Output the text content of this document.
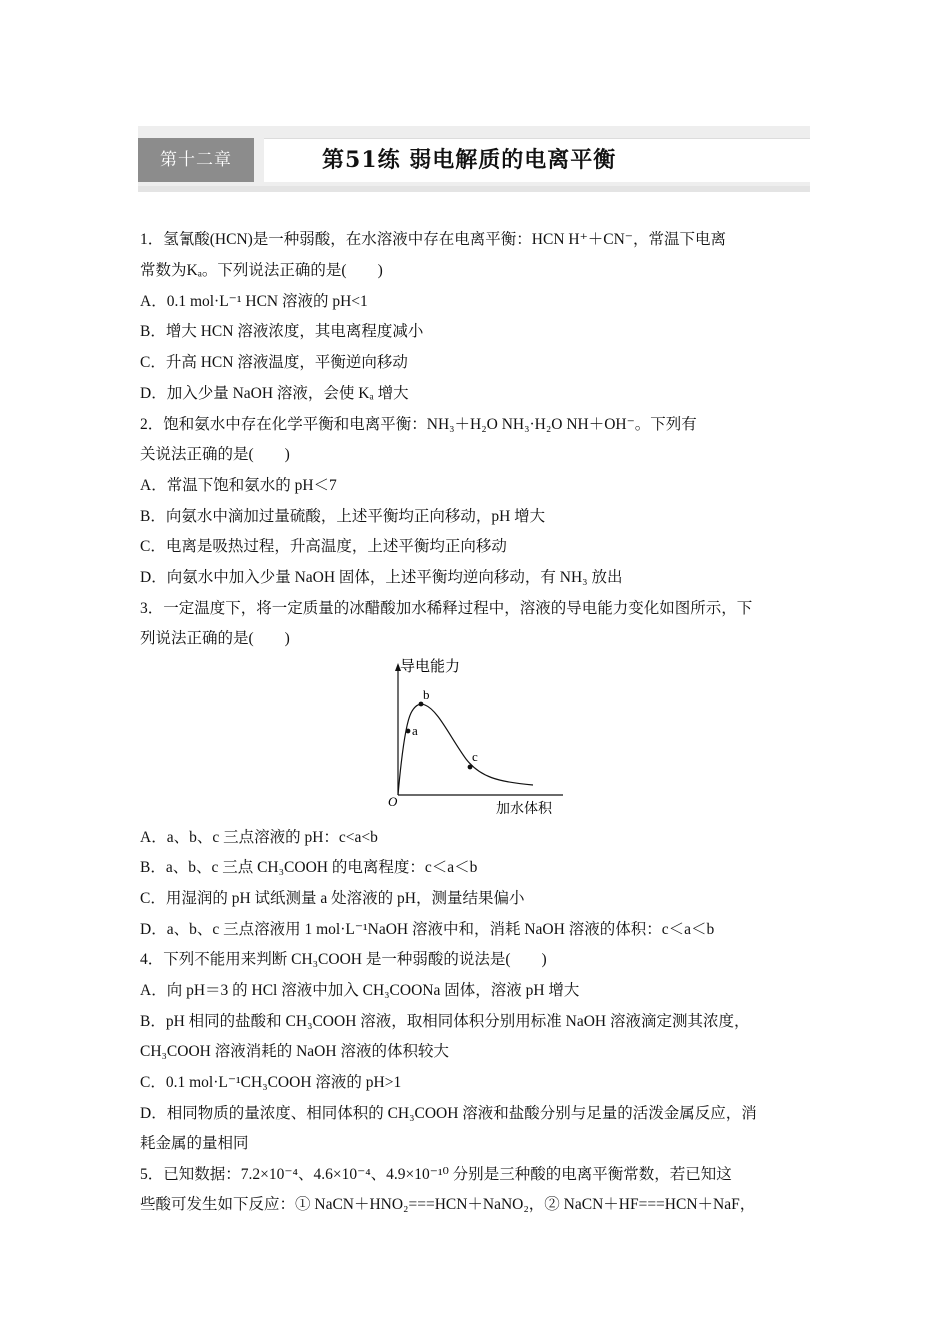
第十二章	第51练 弱电解质的电离平衡
1．氢氰酸(HCN)是一种弱酸，在水溶液中存在电离平衡：HCN H⁺＋CN⁻，常温下电离
常数为Kₐ。下列说法正确的是(　　)
A．0.1 mol·L⁻¹ HCN 溶液的 pH<1
B．增大 HCN 溶液浓度，其电离程度减小
C．升高 HCN 溶液温度，平衡逆向移动
D．加入少量 NaOH 溶液，会使 Kₐ 增大
2．饱和氨水中存在化学平衡和电离平衡：NH₃＋H₂O NH₃·H₂O NH＋OH⁻。下列有
关说法正确的是(　　)
A．常温下饱和氨水的 pH＜7
B．向氨水中滴加过量硫酸，上述平衡均正向移动，pH 增大
C．电离是吸热过程，升高温度，上述平衡均正向移动
D．向氨水中加入少量 NaOH 固体，上述平衡均逆向移动，有 NH₃ 放出
3．一定温度下，将一定质量的冰醋酸加水稀释过程中，溶液的导电能力变化如图所示，下
列说法正确的是(　　)
导电能力
a
b
c
O	加水体积
A．a、b、c 三点溶液的 pH：c<a<b
B．a、b、c 三点 CH₃COOH 的电离程度：c＜a＜b
C．用湿润的 pH 试纸测量 a 处溶液的 pH，测量结果偏小
D．a、b、c 三点溶液用 1 mol·L⁻¹NaOH 溶液中和，消耗 NaOH 溶液的体积：c＜a＜b
4．下列不能用来判断 CH₃COOH 是一种弱酸的说法是(　　)
A．向 pH＝3 的 HCl 溶液中加入 CH₃COONa 固体，溶液 pH 增大
B．pH 相同的盐酸和 CH₃COOH 溶液，取相同体积分别用标准 NaOH 溶液滴定测其浓度，
CH₃COOH 溶液消耗的 NaOH 溶液的体积较大
C．0.1 mol·L⁻¹CH₃COOH 溶液的 pH>1
D．相同物质的量浓度、相同体积的 CH₃COOH 溶液和盐酸分别与足量的活泼金属反应，消
耗金属的量相同
5．已知数据：7.2×10⁻⁴、4.6×10⁻⁴、4.9×10⁻¹⁰ 分别是三种酸的电离平衡常数，若已知这
些酸可发生如下反应：① NaCN＋HNO₂===HCN＋NaNO₂，② NaCN＋HF===HCN＋NaF，
